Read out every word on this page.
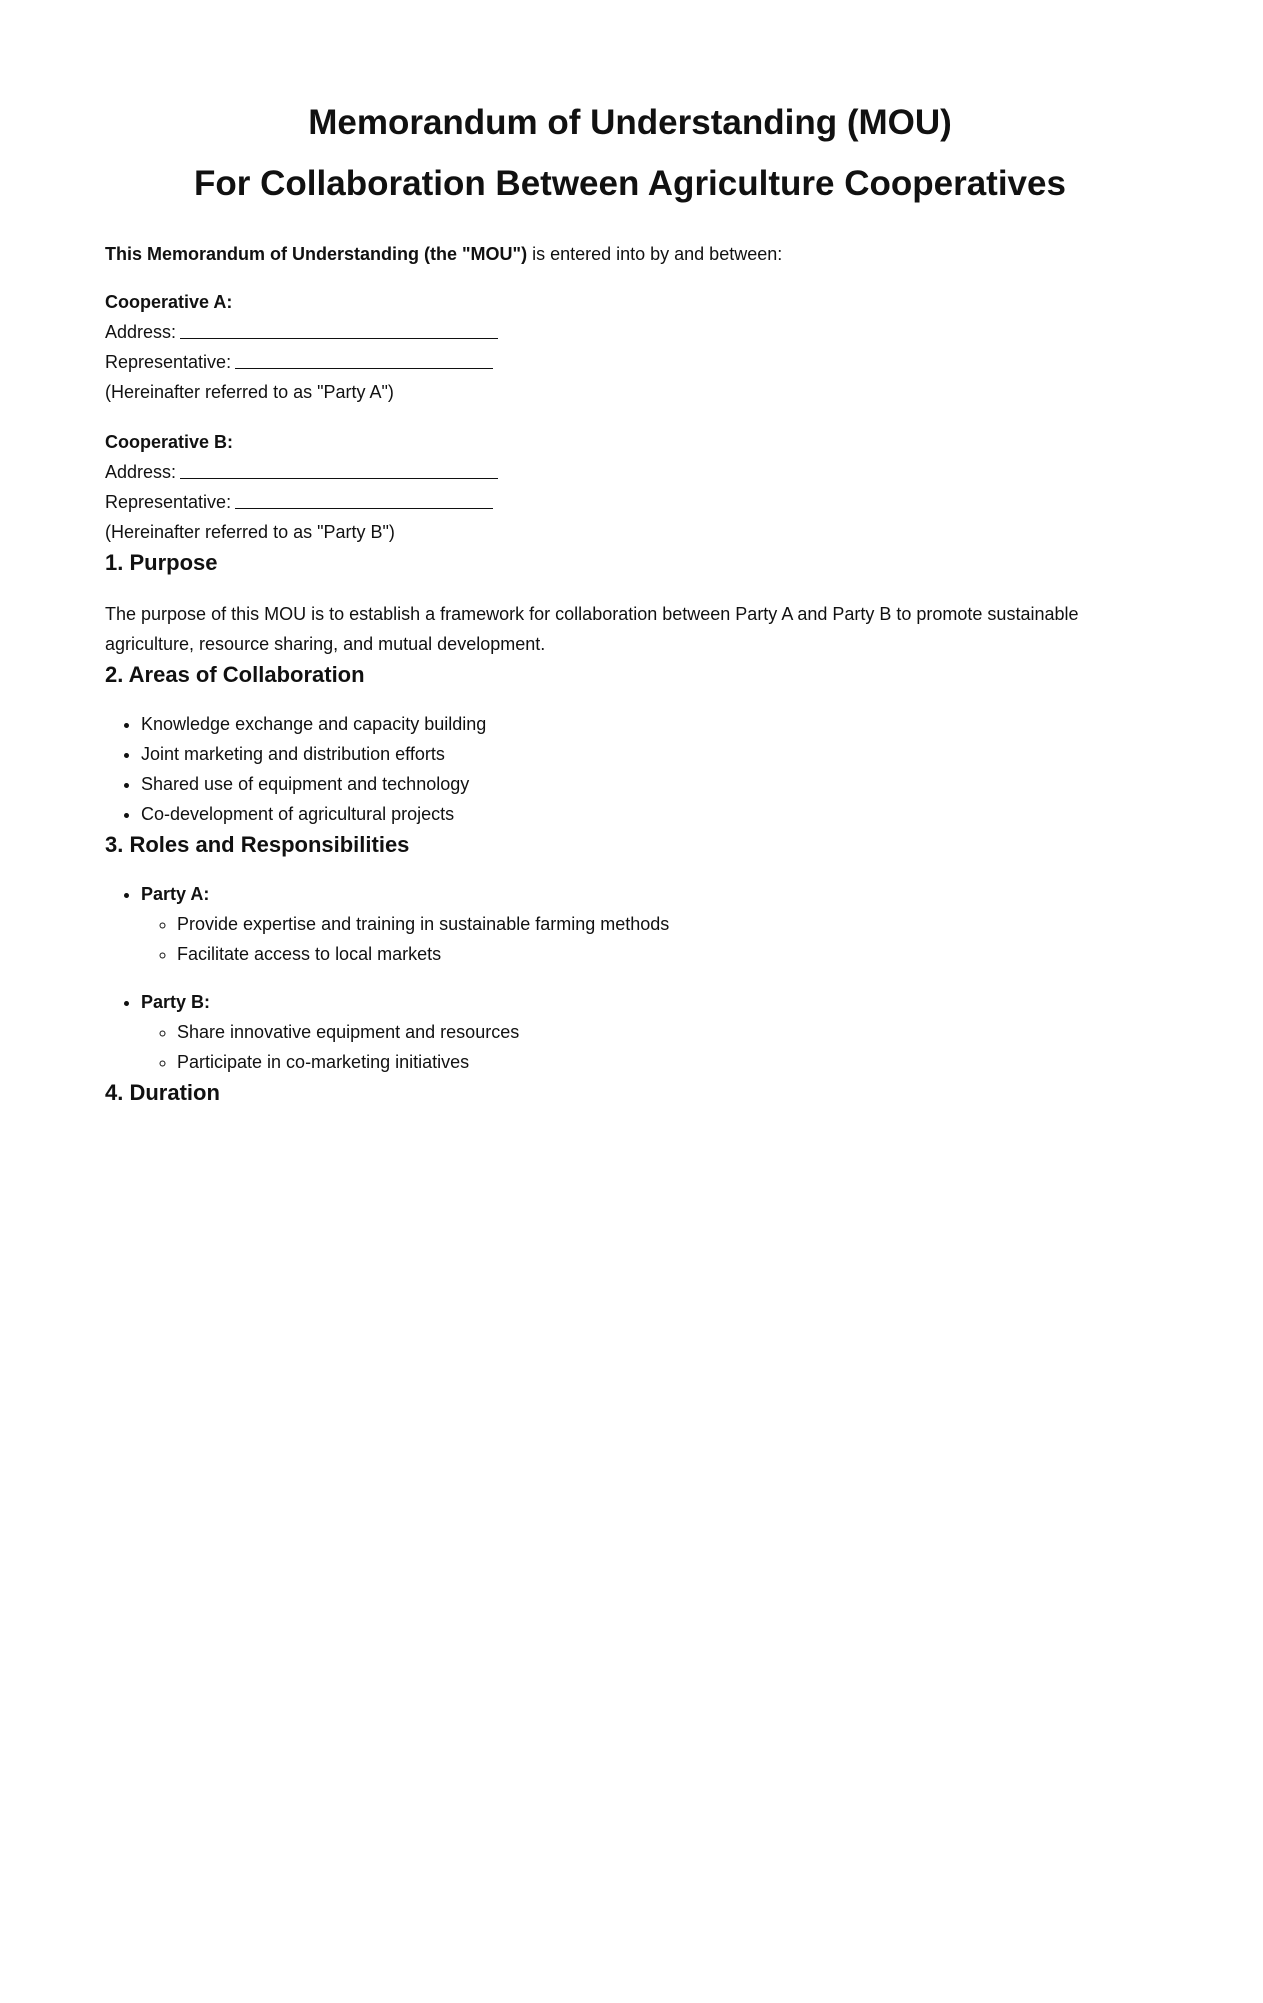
Memorandum of Understanding (MOU)
For Collaboration Between Agriculture Cooperatives

This Memorandum of Understanding (the "MOU") is entered into by and between:

Cooperative A:
Address:
Representative:
(Hereinafter referred to as "Party A")
Cooperative B:
Address:
Representative:
(Hereinafter referred to as "Party B")
1. Purpose

The purpose of this MOU is to establish a framework for collaboration between Party A and Party B to promote sustainable
agriculture, resource sharing, and mutual development.

2. Areas of Collaboration
• Knowledge exchange and capacity building
• Joint marketing and distribution efforts
• Shared use of equipment and technology
• Co-development of agricultural projects
3. Roles and Responsibilities
• Party A:
◦ Provide expertise and training in sustainable farming methods
◦ Facilitate access to local markets
• Party B:
◦ Share innovative equipment and resources
◦ Participate in co-marketing initiatives
4. Duration
